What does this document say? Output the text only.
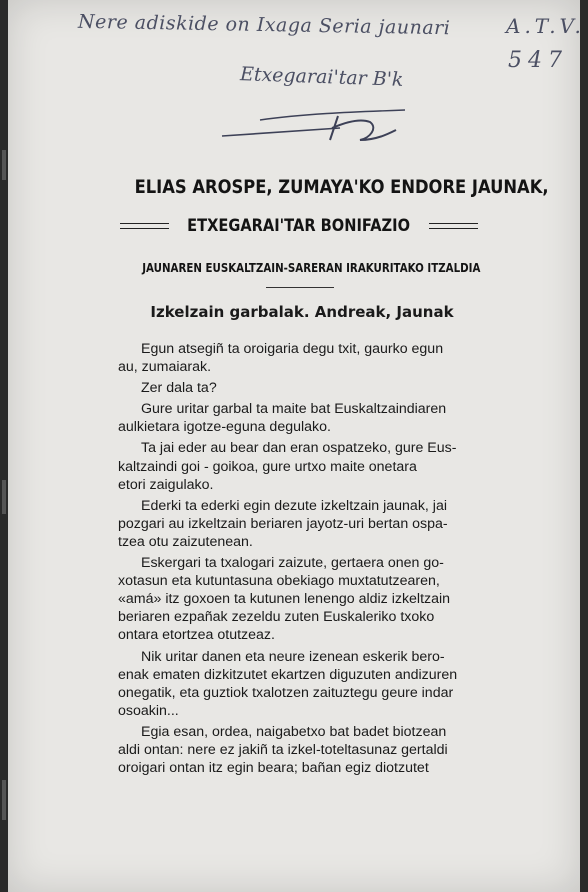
Nere adiskide on Ixaga Seria jaunari
Etxegarai'tar B'k
A.T.V.
547
ELIAS AROSPE, ZUMAYA'KO ENDORE JAUNAK,
ETXEGARAI'TAR BONIFAZIO
JAUNAREN EUSKALTZAIN-SARERAN IRAKURITAKO ITZALDIA
Izkelzain garbalak. Andreak, Jaunak
Egun atsegiñ ta oroigaria degu txit, gaurko egun
au, zumaiarak.
Zer dala ta?
Gure uritar garbal ta maite bat Euskaltzaindiaren
aulkietara igotze-eguna degulako.
Ta jai eder au bear dan eran ospatzeko, gure Eus-
kaltzaindi goi - goikoa, gure urtxo maite onetara
etori zaigulako.
Ederki ta ederki egin dezute izkeltzain jaunak, jai
pozgari au izkeltzain beriaren jayotz-uri bertan ospa-
tzea otu zaizutenean.
Eskergari ta txalogari zaizute, gertaera onen go-
xotasun eta kutuntasuna obekiago muxtatutzearen,
«amá» itz goxoen ta kutunen lenengo aldiz izkeltzain
beriaren ezpañak zezeldu zuten Euskaleriko txoko
ontara etortzea otutzeaz.
Nik uritar danen eta neure izenean eskerik bero-
enak ematen dizkitzutet ekartzen diguzuten andizuren
onegatik, eta guztiok txalotzen zaituztegu geure indar
osoakin...
Egia esan, ordea, naigabetxo bat badet biotzean
aldi ontan: nere ez jakiñ ta izkel-toteltasunaz gertaldi
oroigari ontan itz egin beara; bañan egiz diotzutet
